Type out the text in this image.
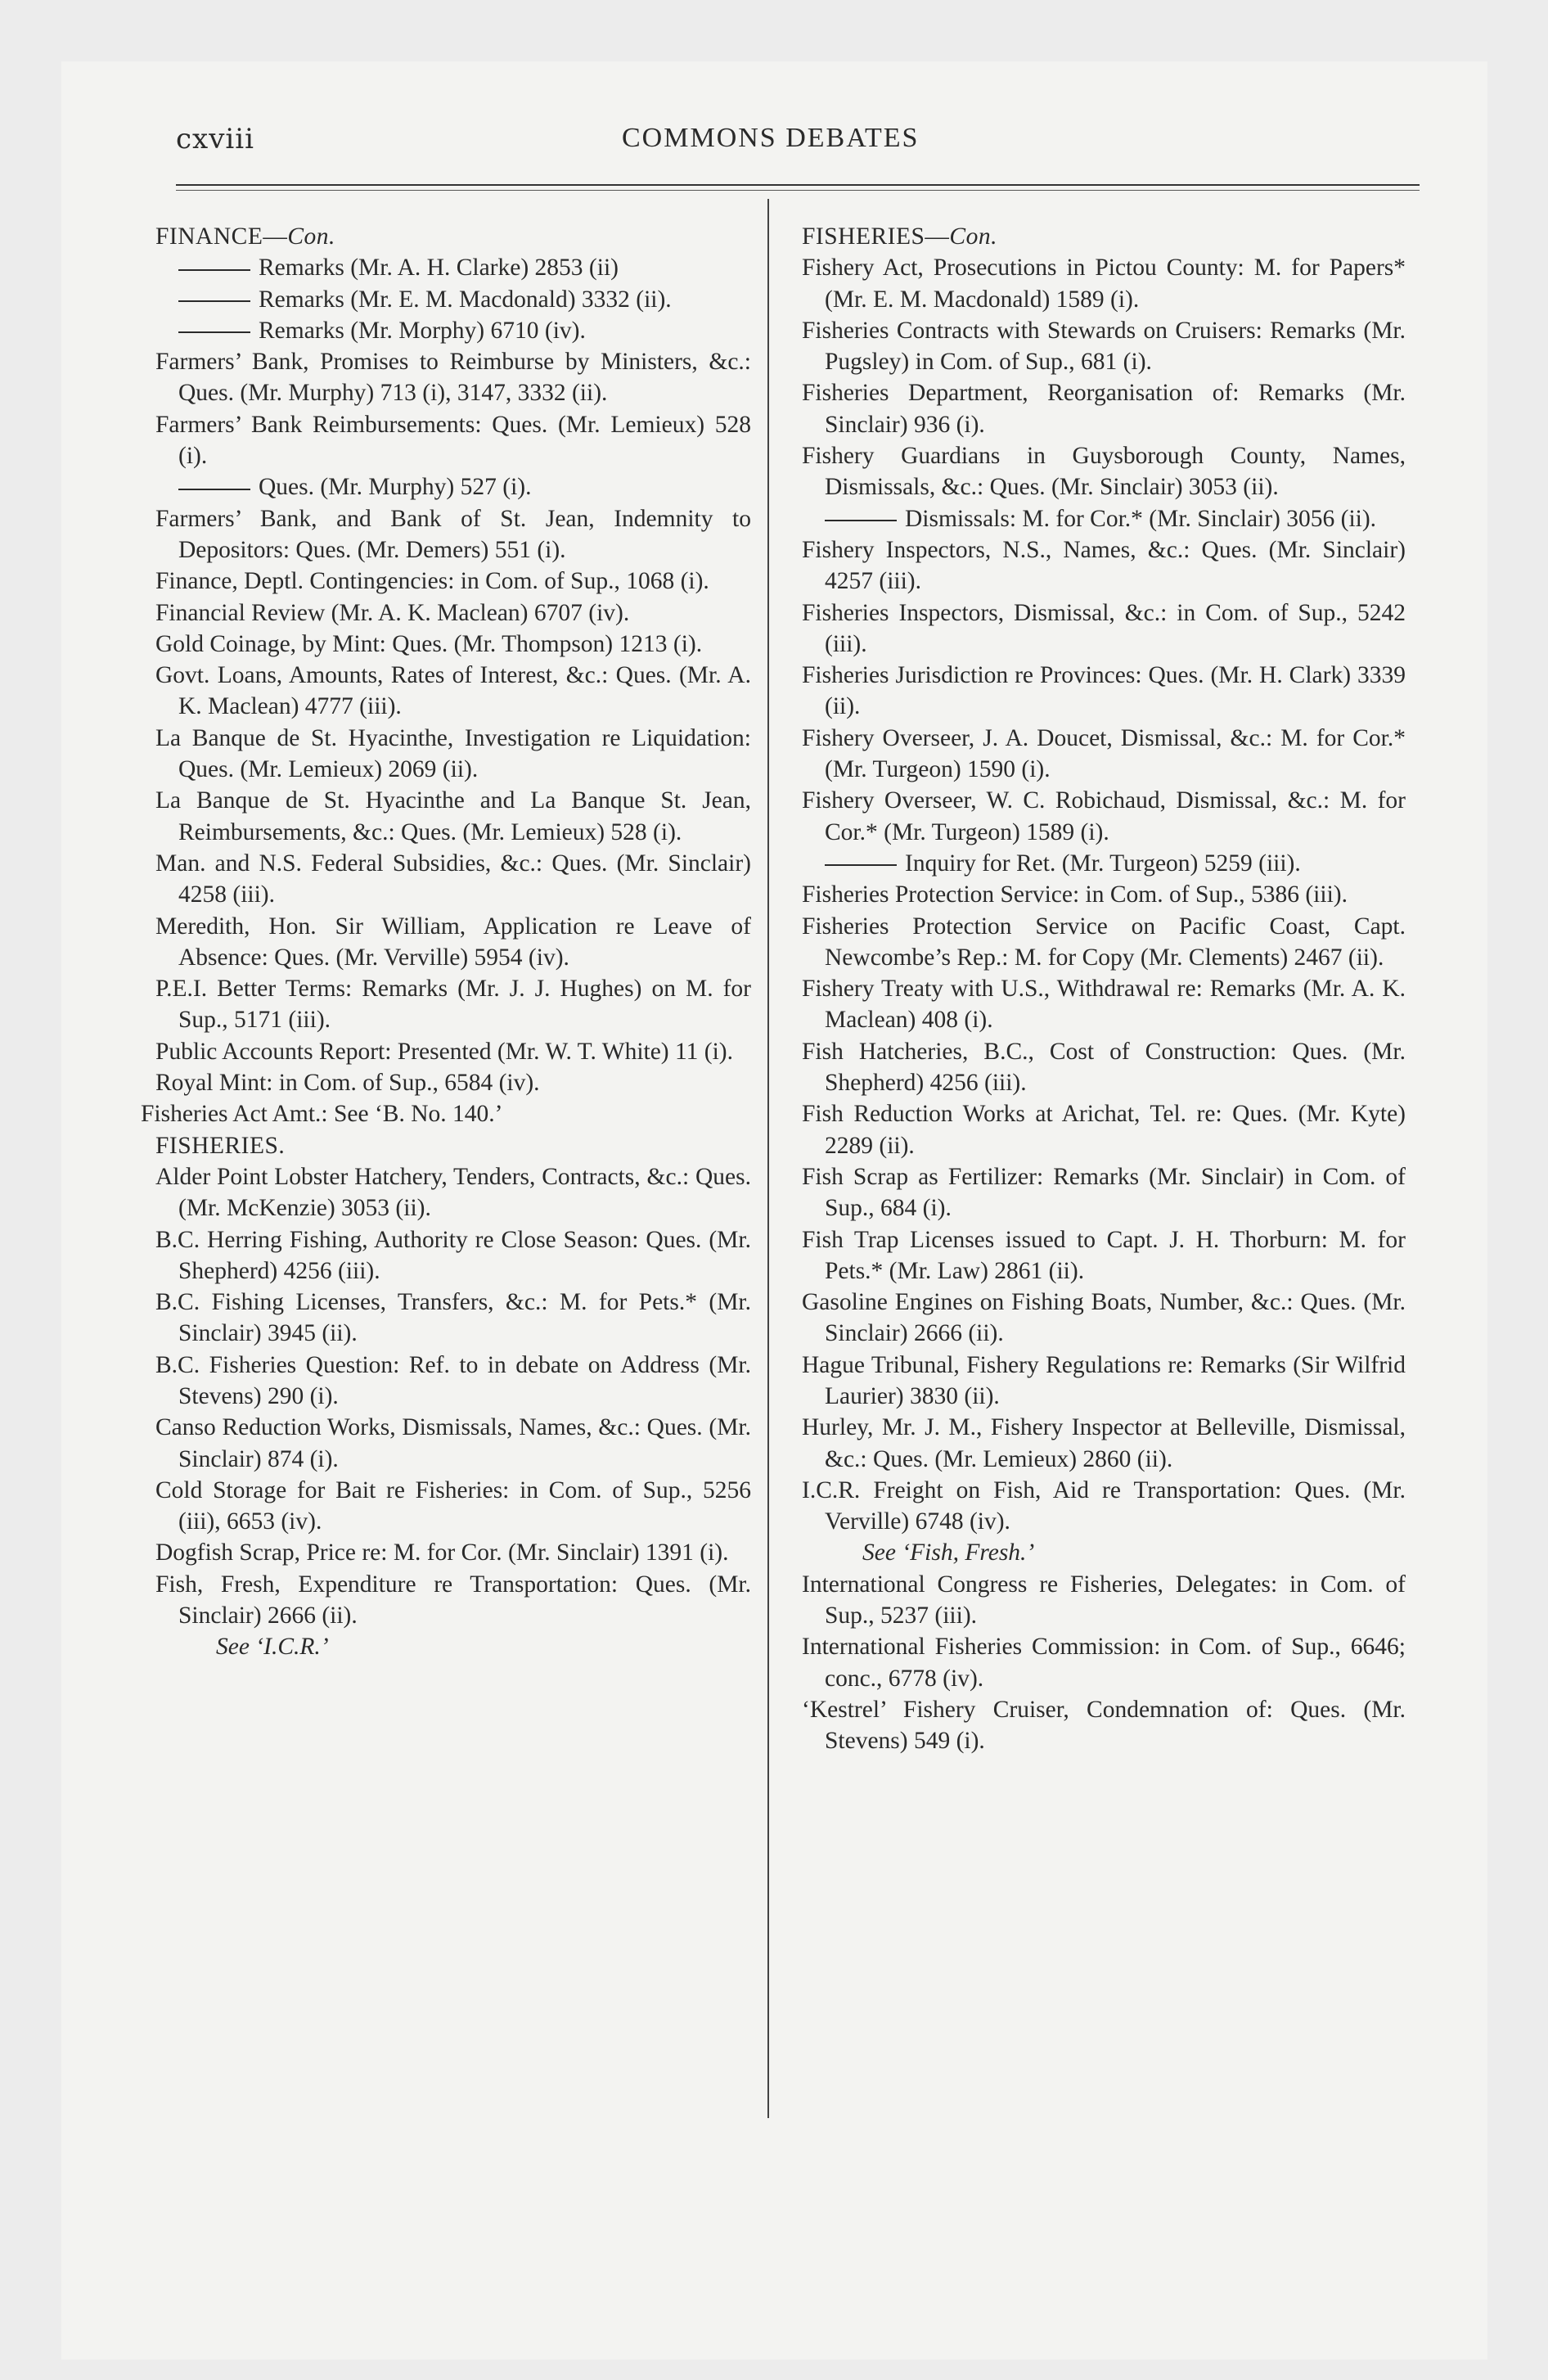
cxviii	COMMONS DEBATES

FINANCE—Con.

Remarks (Mr. A. H. Clarke) 2853 (ii)

Remarks (Mr. E. M. Macdonald) 3332 (ii).

Remarks (Mr. Morphy) 6710 (iv).

Farmers’ Bank, Promises to Reimburse by Ministers, &c.: Ques. (Mr. Murphy) 713 (i), 3147, 3332 (ii).

Farmers’ Bank Reimbursements: Ques. (Mr. Lemieux) 528 (i).

Ques. (Mr. Murphy) 527 (i).

Farmers’ Bank, and Bank of St. Jean, Indemnity to Depositors: Ques. (Mr. Demers) 551 (i).

Finance, Deptl. Contingencies: in Com. of Sup., 1068 (i).

Financial Review (Mr. A. K. Maclean) 6707 (iv).

Gold Coinage, by Mint: Ques. (Mr. Thompson) 1213 (i).

Govt. Loans, Amounts, Rates of Interest, &c.: Ques. (Mr. A. K. Maclean) 4777 (iii).

La Banque de St. Hyacinthe, Investigation re Liquidation: Ques. (Mr. Lemieux) 2069 (ii).

La Banque de St. Hyacinthe and La Banque St. Jean, Reimbursements, &c.: Ques. (Mr. Lemieux) 528 (i).

Man. and N.S. Federal Subsidies, &c.: Ques. (Mr. Sinclair) 4258 (iii).

Meredith, Hon. Sir William, Application re Leave of Absence: Ques. (Mr. Verville) 5954 (iv).

P.E.I. Better Terms: Remarks (Mr. J. J. Hughes) on M. for Sup., 5171 (iii).

Public Accounts Report: Presented (Mr. W. T. White) 11 (i).

Royal Mint: in Com. of Sup., 6584 (iv).

Fisheries Act Amt.: See ‘B. No. 140.’

FISHERIES.

Alder Point Lobster Hatchery, Tenders, Contracts, &c.: Ques. (Mr. McKenzie) 3053 (ii).

B.C. Herring Fishing, Authority re Close Season: Ques. (Mr. Shepherd) 4256 (iii).

B.C. Fishing Licenses, Transfers, &c.: M. for Pets.* (Mr. Sinclair) 3945 (ii).

B.C. Fisheries Question: Ref. to in debate on Address (Mr. Stevens) 290 (i).

Canso Reduction Works, Dismissals, Names, &c.: Ques. (Mr. Sinclair) 874 (i).

Cold Storage for Bait re Fisheries: in Com. of Sup., 5256 (iii), 6653 (iv).

Dogfish Scrap, Price re: M. for Cor. (Mr. Sinclair) 1391 (i).

Fish, Fresh, Expenditure re Transportation: Ques. (Mr. Sinclair) 2666 (ii).

See ‘I.C.R.’

FISHERIES—Con.

Fishery Act, Prosecutions in Pictou County: M. for Papers* (Mr. E. M. Macdonald) 1589 (i).

Fisheries Contracts with Stewards on Cruisers: Remarks (Mr. Pugsley) in Com. of Sup., 681 (i).

Fisheries Department, Reorganisation of: Remarks (Mr. Sinclair) 936 (i).

Fishery Guardians in Guysborough County, Names, Dismissals, &c.: Ques. (Mr. Sinclair) 3053 (ii).

Dismissals: M. for Cor.* (Mr. Sinclair) 3056 (ii).

Fishery Inspectors, N.S., Names, &c.: Ques. (Mr. Sinclair) 4257 (iii).

Fisheries Inspectors, Dismissal, &c.: in Com. of Sup., 5242 (iii).

Fisheries Jurisdiction re Provinces: Ques. (Mr. H. Clark) 3339 (ii).

Fishery Overseer, J. A. Doucet, Dismissal, &c.: M. for Cor.* (Mr. Turgeon) 1590 (i).

Fishery Overseer, W. C. Robichaud, Dismissal, &c.: M. for Cor.* (Mr. Turgeon) 1589 (i).

Inquiry for Ret. (Mr. Turgeon) 5259 (iii).

Fisheries Protection Service: in Com. of Sup., 5386 (iii).

Fisheries Protection Service on Pacific Coast, Capt. Newcombe’s Rep.: M. for Copy (Mr. Clements) 2467 (ii).

Fishery Treaty with U.S., Withdrawal re: Remarks (Mr. A. K. Maclean) 408 (i).

Fish Hatcheries, B.C., Cost of Construction: Ques. (Mr. Shepherd) 4256 (iii).

Fish Reduction Works at Arichat, Tel. re: Ques. (Mr. Kyte) 2289 (ii).

Fish Scrap as Fertilizer: Remarks (Mr. Sinclair) in Com. of Sup., 684 (i).

Fish Trap Licenses issued to Capt. J. H. Thorburn: M. for Pets.* (Mr. Law) 2861 (ii).

Gasoline Engines on Fishing Boats, Number, &c.: Ques. (Mr. Sinclair) 2666 (ii).

Hague Tribunal, Fishery Regulations re: Remarks (Sir Wilfrid Laurier) 3830 (ii).

Hurley, Mr. J. M., Fishery Inspector at Belleville, Dismissal, &c.: Ques. (Mr. Lemieux) 2860 (ii).

I.C.R. Freight on Fish, Aid re Transportation: Ques. (Mr. Verville) 6748 (iv).

See ‘Fish, Fresh.’

International Congress re Fisheries, Delegates: in Com. of Sup., 5237 (iii).

International Fisheries Commission: in Com. of Sup., 6646; conc., 6778 (iv).

‘Kestrel’ Fishery Cruiser, Condemnation of: Ques. (Mr. Stevens) 549 (i).
